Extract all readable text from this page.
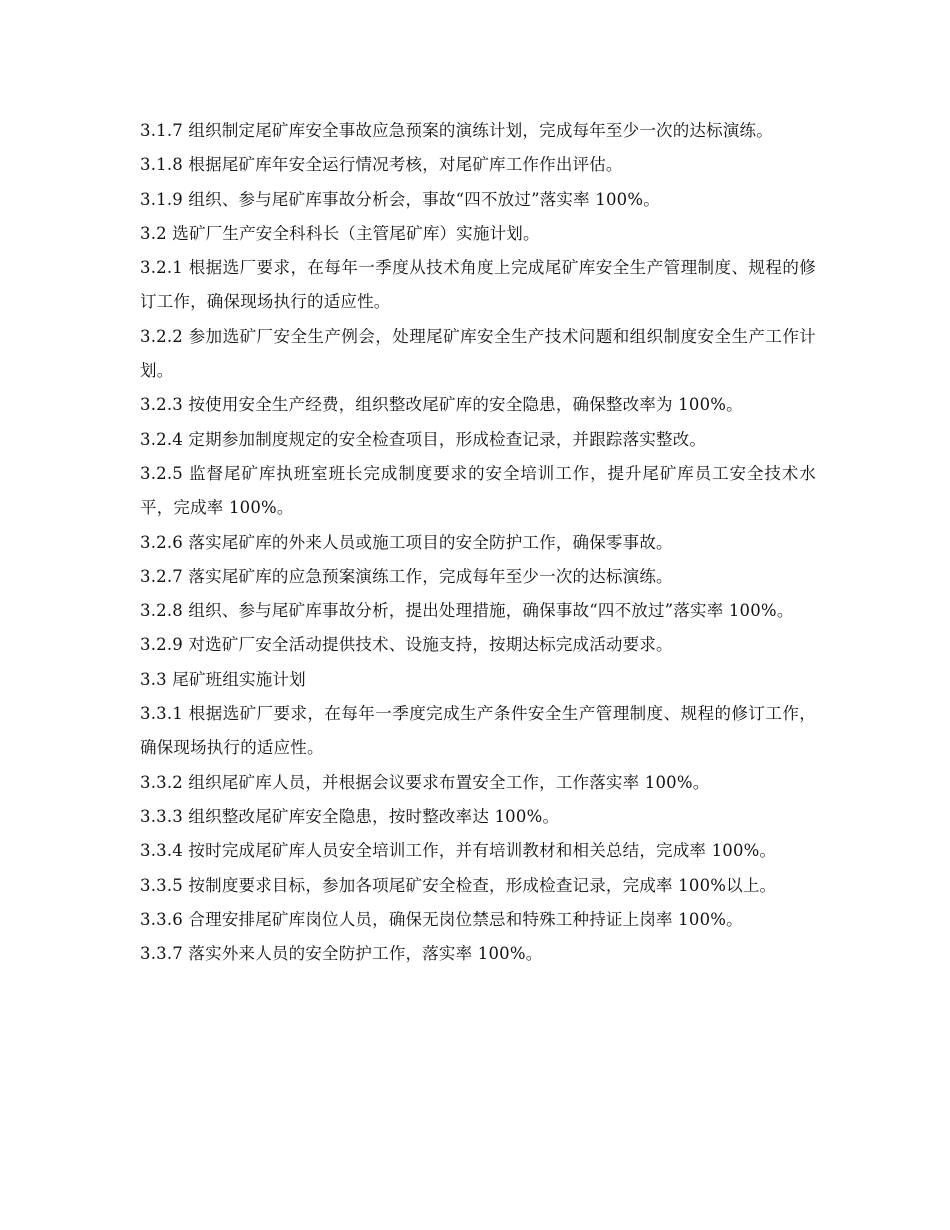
3.1.7 组织制定尾矿库安全事故应急预案的演练计划，完成每年至少一次的达标演练。

3.1.8 根据尾矿库年安全运行情况考核，对尾矿库工作作出评估。

3.1.9 组织、参与尾矿库事故分析会，事故“四不放过”落实率 100%。

3.2 选矿厂生产安全科科长（主管尾矿库）实施计划。

3.2.1 根据选厂要求，在每年一季度从技术角度上完成尾矿库安全生产管理制度、规程的修订工作，确保现场执行的适应性。

3.2.2 参加选矿厂安全生产例会，处理尾矿库安全生产技术问题和组织制度安全生产工作计划。

3.2.3 按使用安全生产经费，组织整改尾矿库的安全隐患，确保整改率为 100%。

3.2.4 定期参加制度规定的安全检查项目，形成检查记录，并跟踪落实整改。

3.2.5 监督尾矿库执班室班长完成制度要求的安全培训工作，提升尾矿库员工安全技术水平，完成率 100%。

3.2.6 落实尾矿库的外来人员或施工项目的安全防护工作，确保零事故。

3.2.7 落实尾矿库的应急预案演练工作，完成每年至少一次的达标演练。

3.2.8 组织、参与尾矿库事故分析，提出处理措施，确保事故“四不放过”落实率 100%。

3.2.9 对选矿厂安全活动提供技术、设施支持，按期达标完成活动要求。

3.3 尾矿班组实施计划

3.3.1 根据选矿厂要求，在每年一季度完成生产条件安全生产管理制度、规程的修订工作，确保现场执行的适应性。

3.3.2 组织尾矿库人员，并根据会议要求布置安全工作，工作落实率 100%。

3.3.3 组织整改尾矿库安全隐患，按时整改率达 100%。

3.3.4 按时完成尾矿库人员安全培训工作，并有培训教材和相关总结，完成率 100%。

3.3.5 按制度要求目标，参加各项尾矿安全检查，形成检查记录，完成率 100%以上。

3.3.6 合理安排尾矿库岗位人员，确保无岗位禁忌和特殊工种持证上岗率 100%。

3.3.7 落实外来人员的安全防护工作，落实率 100%。
